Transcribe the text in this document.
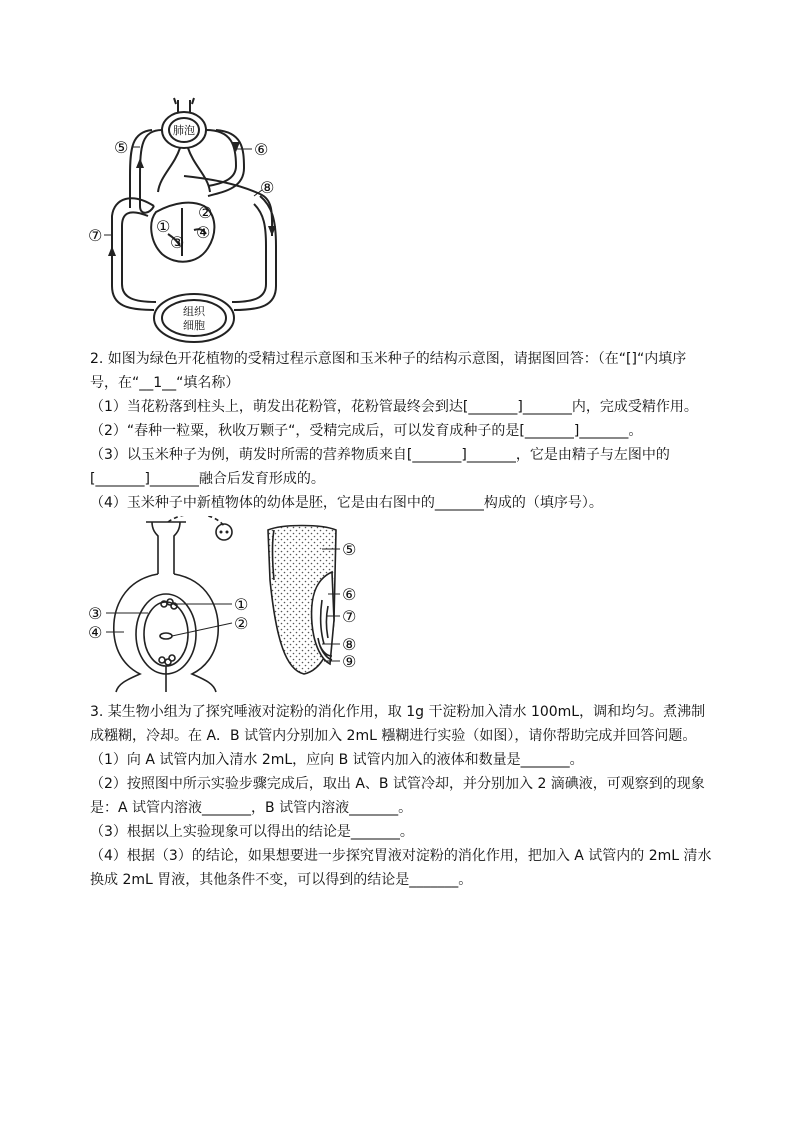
⑤	⑥
⑦
⑧
①
②
③
④
肺泡
组织
细胞
2. 如图为绿色开花植物的受精过程示意图和玉米种子的结构示意图，请据图回答：（在“[]“内填序
号，在“__1__“填名称）
（1）当花粉落到柱头上，萌发出花粉管，花粉管最终会到达[_______]_______内，完成受精作用。
（2）“春种一粒粟，秋收万颗子“，受精完成后，可以发育成种子的是[_______]_______。
（3）以玉米种子为例，萌发时所需的营养物质来自[_______]_______，它是由精子与左图中的
[_______]_______融合后发育形成的。
（4）玉米种子中新植物体的幼体是胚，它是由右图中的_______构成的（填序号）。
①
②
③
④
⑤
⑥
⑦
⑧
⑨
3. 某生物小组为了探究唾液对淀粉的消化作用，取 1g 干淀粉加入清水 100mL，调和均匀。煮沸制
成糨糊，冷却。在 A．B 试管内分别加入 2mL 糨糊进行实验（如图），请你帮助完成并回答问题。
（1）向 A 试管内加入清水 2mL，应向 B 试管内加入的液体和数量是_______。
（2）按照图中所示实验步骤完成后，取出 A、B 试管冷却，并分别加入 2 滴碘液，可观察到的现象
是：A 试管内溶液_______，B 试管内溶液_______。
（3）根据以上实验现象可以得出的结论是_______。
（4）根据（3）的结论，如果想要进一步探究胃液对淀粉的消化作用，把加入 A 试管内的 2mL 清水
换成 2mL 胃液，其他条件不变，可以得到的结论是_______。
